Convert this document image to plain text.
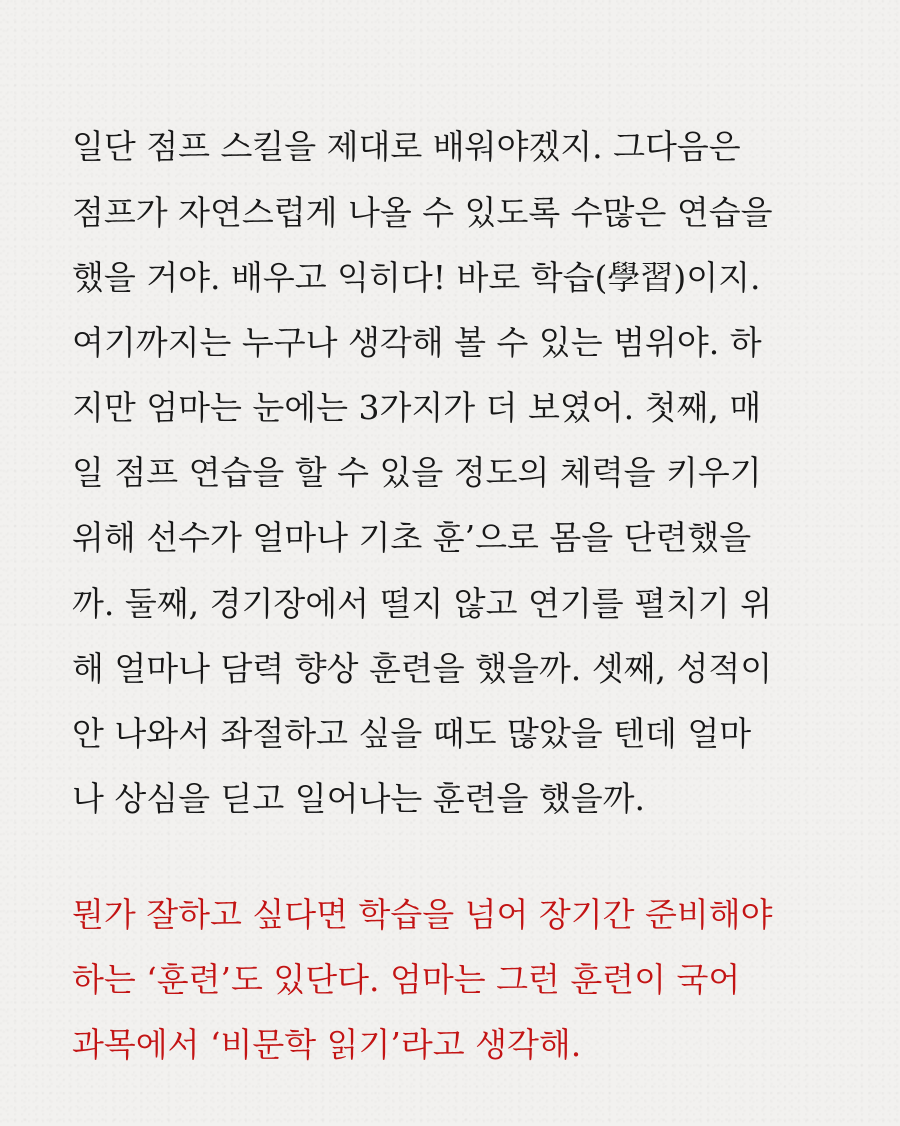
일단 점프 스킬을 제대로 배워야겠지. 그다음은
점프가 자연스럽게 나올 수 있도록 수많은 연습을
했을 거야. 배우고 익히다! 바로 학습(學習)이지.
여기까지는 누구나 생각해 볼 수 있는 범위야. 하
지만 엄마는 눈에는 3가지가 더 보였어. 첫째, 매
일 점프 연습을 할 수 있을 정도의 체력을 키우기
위해 선수가 얼마나 기초 훈’으로 몸을 단련했을
까. 둘째, 경기장에서 떨지 않고 연기를 펼치기 위
해 얼마나 담력 향상 훈련을 했을까. 셋째, 성적이
안 나와서 좌절하고 싶을 때도 많았을 텐데 얼마
나 상심을 딛고 일어나는 훈련을 했을까.
뭔가 잘하고 싶다면 학습을 넘어 장기간 준비해야
하는 ‘훈련’도 있단다. 엄마는 그런 훈련이 국어
과목에서 ‘비문학 읽기’라고 생각해.
